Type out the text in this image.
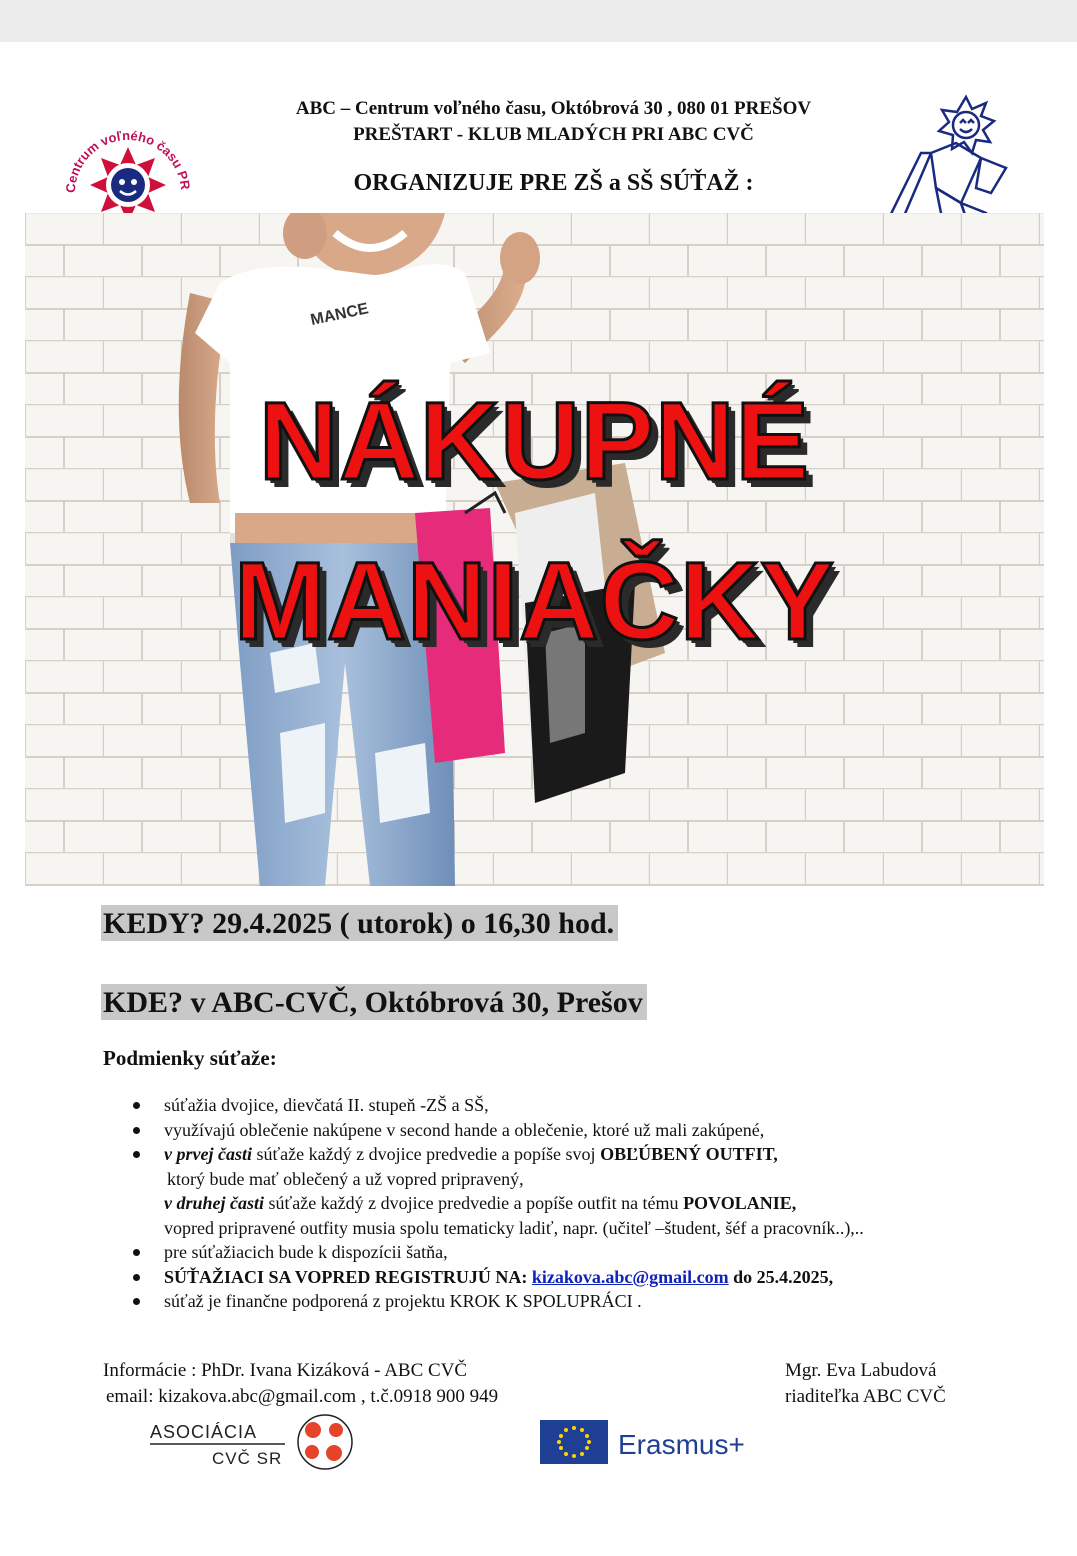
Centrum voľného času PR
ABC – Centrum voľného času, Októbrová 30 , 080 01 PREŠOV
PREŠTART - KLUB MLADÝCH PRI ABC CVČ
ORGANIZUJE PRE ZŠ a SŠ SÚŤAŽ :
MANCE
NÁKUPNÉ
MANIAČKY
KEDY? 29.4.2025 ( utorok) o 16,30 hod.
KDE? v ABC-CVČ, Októbrová 30, Prešov
Podmienky súťaže:
súťažia dvojice, dievčatá II. stupeň -ZŠ a SŠ,
využívajú oblečenie nakúpene v second hande a oblečenie, ktoré už mali zakúpené,
v prvej časti súťaže každý z dvojice predvedie a popíše svoj OBĽÚBENÝ OUTFIT,
ktorý bude mať oblečený a už vopred pripravený,
v druhej časti súťaže každý z dvojice predvedie a popíše outfit na tému POVOLANIE,
vopred pripravené outfity musia spolu tematicky ladiť, napr. (učiteľ –študent, šéf a pracovník..),..
pre súťažiacich bude k dispozícii šatňa,
SÚŤAŽIACI SA VOPRED REGISTRUJÚ NA: kizakova.abc@gmail.com do 25.4.2025,
súťaž je finančne podporená z projektu KROK K SPOLUPRÁCI .
Informácie : PhDr. Ivana Kizáková - ABC CVČ
email: kizakova.abc@gmail.com , t.č.0918 900 949
Mgr. Eva Labudová
riaditeľka ABC CVČ
ASOCIÁCIA
CVČ SR	Erasmus+
